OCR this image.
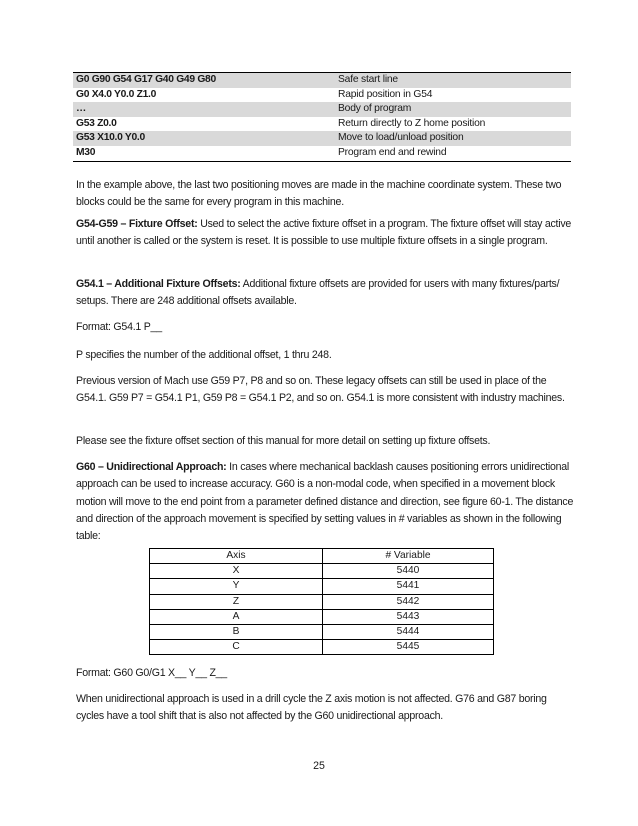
G0 G90 G54 G17 G40 G49 G80	Safe start line
G0 X4.0 Y0.0 Z1.0	Rapid position in G54
…	Body of program
G53 Z0.0	Return directly to Z home position
G53 X10.0 Y0.0	Move to load/unload position
M30	Program end and rewind

In the example above, the last two positioning moves are made in the machine coordinate system. These two blocks could be the same for every program in this machine.

G54-G59 – Fixture Offset: Used to select the active fixture offset in a program. The fixture offset will stay active until another is called or the system is reset. It is possible to use multiple fixture offsets in a single program.

G54.1 – Additional Fixture Offsets: Additional fixture offsets are provided for users with many fixtures/parts/ setups. There are 248 additional offsets available.

Format: G54.1 P__

P specifies the number of the additional offset, 1 thru 248.

Previous version of Mach use G59 P7, P8 and so on. These legacy offsets can still be used in place of the G54.1. G59 P7 = G54.1 P1, G59 P8 = G54.1 P2, and so on. G54.1 is more consistent with industry machines.

Please see the fixture offset section of this manual for more detail on setting up fixture offsets.

G60 – Unidirectional Approach: In cases where mechanical backlash causes positioning errors unidirectional approach can be used to increase accuracy. G60 is a non-modal code, when specified in a movement block motion will move to the end point from a parameter defined distance and direction, see figure 60-1. The distance and direction of the approach movement is specified by setting values in # variables as shown in the following table:

Axis	# Variable
X	5440
Y	5441
Z	5442
A	5443
B	5444
C	5445

Format: G60 G0/G1 X__ Y__ Z__

When unidirectional approach is used in a drill cycle the Z axis motion is not affected. G76 and G87 boring cycles have a tool shift that is also not affected by the G60 unidirectional approach.

25
